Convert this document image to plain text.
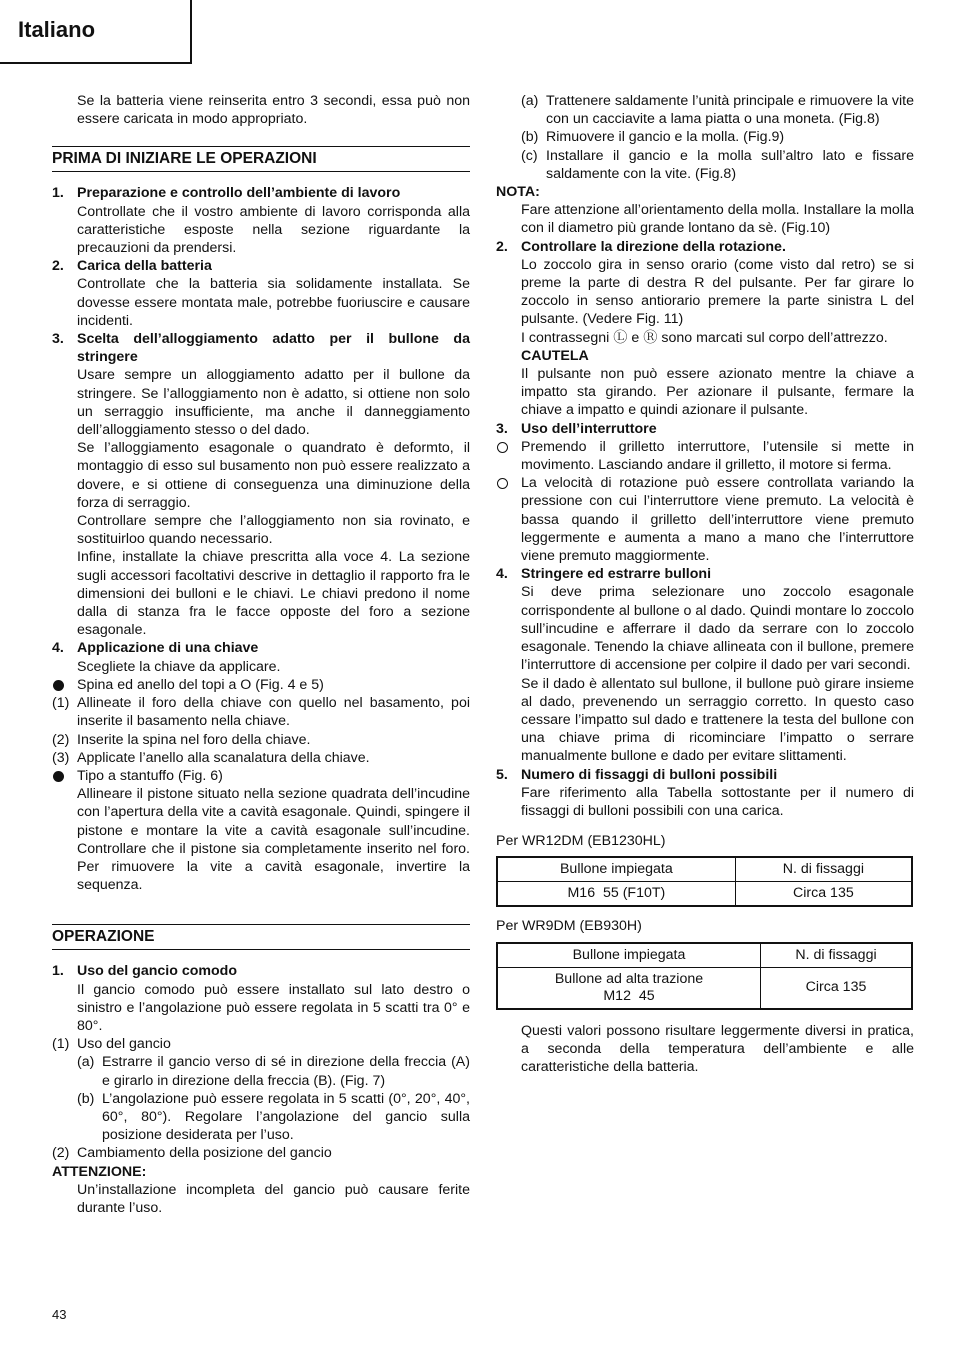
Italiano

Se la batteria viene reinserita entro 3 secondi, essa può non essere caricata in modo appropriato.

PRIMA DI INIZIARE LE OPERAZIONI
1. Preparazione e controllo dell’ambiente di lavoro

Controllate che il vostro ambiente di lavoro corrisponda alla caratteristiche esposte nella sezione riguardante la precauzioni da prendersi.

2. Carica della batteria

Controllate che la batteria sia solidamente installata. Se dovesse essere montata male, potrebbe fuoriuscire e causare incidenti.

3. Scelta dell’alloggiamento adatto per il bullone da stringere

Usare sempre un alloggiamento adatto per il bullone da stringere. Se l’alloggiamento non è adatto, si ottiene non solo un serraggio insufficiente, ma anche il danneggiamento dell’alloggiamento stesso o del dado.

Se l’alloggiamento esagonale o quandrato è deformto, il montaggio di esso sul busamento non può essere realizzato a dovere, e si ottiene di conseguenza una diminuzione della forza di serraggio.

Controllare sempre che l’alloggiamento non sia rovinato, e sostituirloo quando necessario.

Infine, installate la chiave prescritta alla voce 4. La sezione sugli accessori facoltativi descrive in dettaglio il rapporto fra le dimensioni dei bulloni e le chiavi. Le chiavi predono il nome dalla di stanza fra le facce opposte del foro a sezione esagonale.

4. Applicazione di una chiave

Scegliete la chiave da applicare.

Spina ed anello del topi a O (Fig. 4 e 5)

(1) Allineate il foro della chiave con quello nel basamento, poi inserite il basamento nella chiave.

(2) Inserite la spina nel foro della chiave.

(3) Applicate l’anello alla scanalatura della chiave.

Tipo a stantuffo (Fig. 6)

Allineare il pistone situato nella sezione quadrata dell’incudine con l’apertura della vite a cavità esagonale. Quindi, spingere il pistone e montare la vite a cavità esagonale sull’incudine. Controllare che il pistone sia completamente inserito nel foro. Per rimuovere la vite a cavità esagonale, invertire la sequenza.

OPERAZIONE
1. Uso del gancio comodo

Il gancio comodo può essere installato sul lato destro o sinistro e l’angolazione può essere regolata in 5 scatti tra 0° e 80°.

(1) Uso del gancio

(a) Estrarre il gancio verso di sé in direzione della freccia (A) e girarlo in direzione della freccia (B). (Fig. 7)

(b) L’angolazione può essere regolata in 5 scatti (0°, 20°, 40°, 60°, 80°). Regolare l’angolazione del gancio sulla posizione desiderata per l’uso.

(2) Cambiamento della posizione del gancio

ATTENZIONE:

Un’installazione incompleta del gancio può causare ferite durante l’uso.

(a) Trattenere saldamente l’unità principale e rimuovere la vite con un cacciavite a lama piatta o una moneta. (Fig.8)

(b) Rimuovere il gancio e la molla. (Fig.9)

(c) Installare il gancio e la molla sull’altro lato e fissare saldamente con la vite. (Fig.8)

NOTA:

Fare attenzione all’orientamento della molla. Installare la molla con il diametro più grande lontano da sè. (Fig.10)

2. Controllare la direzione della rotazione.

Lo zoccolo gira in senso orario (come visto dal retro) se si preme la parte di destra R del pulsante. Per far girare lo zoccolo in senso antiorario premere la parte sinistra L del pulsante. (Vedere Fig. 11)

I contrassegni Ⓛ e Ⓡ sono marcati sul corpo dell’attrezzo.

CAUTELA

Il pulsante non può essere azionato mentre la chiave a impatto sta girando. Per azionare il pulsante, fermare la chiave a impatto e quindi azionare il pulsante.

3. Uso dell’interruttore

Premendo il grilletto interruttore, l’utensile si mette in movimento. Lasciando andare il grilletto, il motore si ferma.

La velocità di rotazione può essere controllata variando la pressione con cui l’interruttore viene premuto. La velocità è bassa quando il grilletto dell’interruttore viene premuto leggermente e aumenta a mano a mano che l’interruttore viene premuto maggiormente.

4. Stringere ed estrarre bulloni

Si deve prima selezionare uno zoccolo esagonale corrispondente al bullone o al dado. Quindi montare lo zoccolo sull’incudine e afferrare il dado da serrare con lo zoccolo esagonale. Tenendo la chiave allineata con il bullone, premere l’interruttore di accensione per colpire il dado per vari secondi.

Se il dado è allentato sul bullone, il bullone può girare insieme al dado, prevenendo un serraggio corretto. In questo caso cessare l’impatto sul dado e trattenere la testa del bullone con una chiave prima di ricominciare l’impatto o serrare manualmente bullone e dado per evitare slittamenti.

5. Numero di fissaggi di bulloni possibili

Fare riferimento alla Tabella sottostante per il numero di fissaggi di bulloni possibili con una carica.

Per WR12DM (EB1230HL)

Bullone impiegata	N. di fissaggi
M16  55 (F10T)	Circa 135

Per WR9DM (EB930H)

Bullone impiegata	N. di fissaggi

Bullone ad alta trazione
M12  45	Circa 135

Questi valori possono risultare leggermente diversi in pratica, a seconda della temperatura dell’ambiente e alle caratteristiche della batteria.

43
